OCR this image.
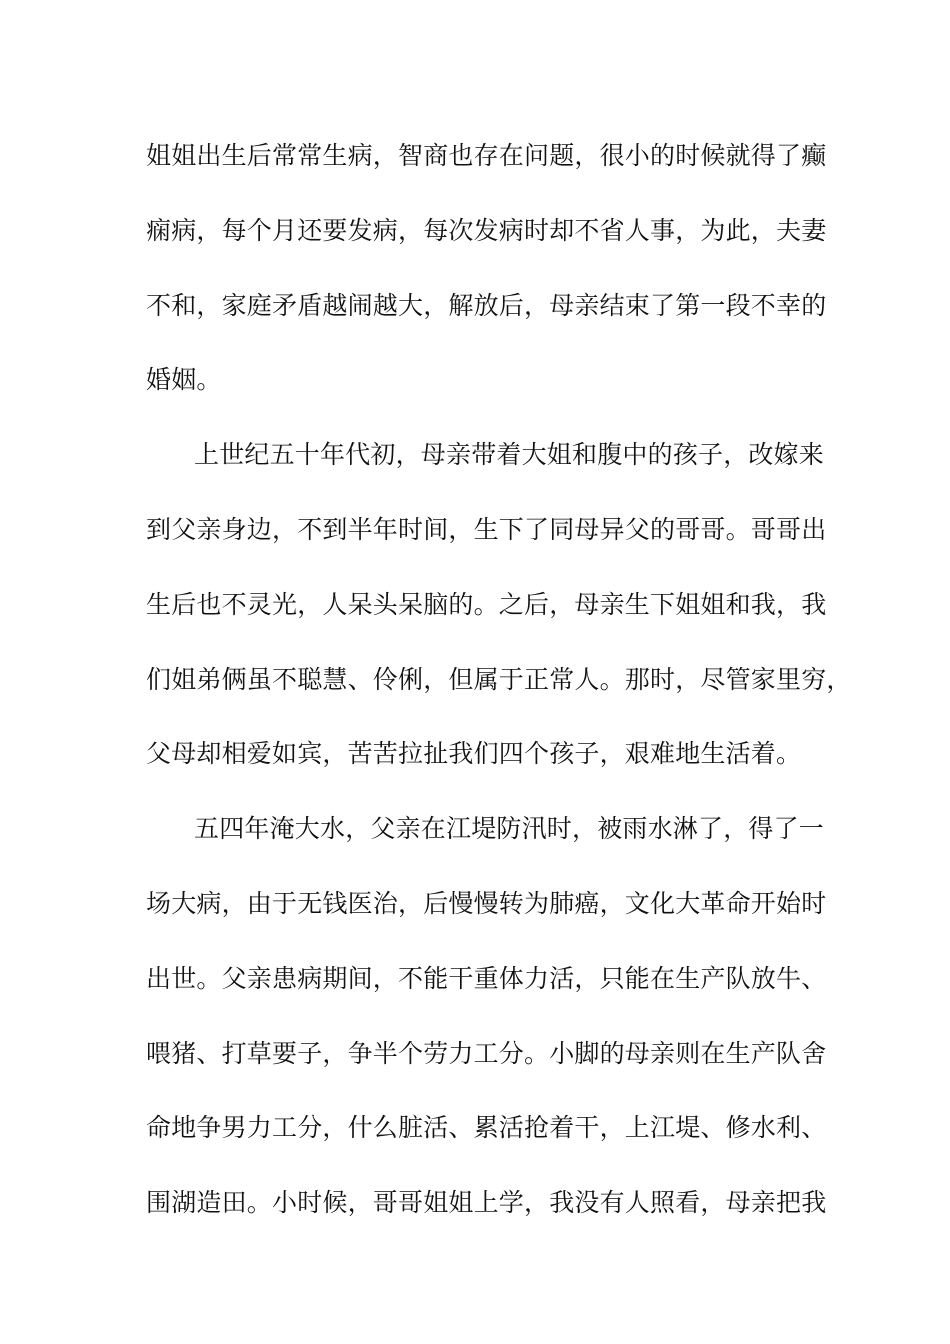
姐姐出生后常常生病，智商也存在问题，很小的时候就得了癫
痫病，每个月还要发病，每次发病时却不省人事，为此，夫妻
不和，家庭矛盾越闹越大，解放后，母亲结束了第一段不幸的
婚姻。
上世纪五十年代初，母亲带着大姐和腹中的孩子，改嫁来
到父亲身边，不到半年时间，生下了同母异父的哥哥。哥哥出
生后也不灵光，人呆头呆脑的。之后，母亲生下姐姐和我，我
们姐弟俩虽不聪慧、伶俐，但属于正常人。那时，尽管家里穷，
父母却相爱如宾，苦苦拉扯我们四个孩子，艰难地生活着。
五四年淹大水，父亲在江堤防汛时，被雨水淋了，得了一
场大病，由于无钱医治，后慢慢转为肺癌，文化大革命开始时
出世。父亲患病期间，不能干重体力活，只能在生产队放牛、
喂猪、打草要子，争半个劳力工分。小脚的母亲则在生产队舍
命地争男力工分，什么脏活、累活抢着干，上江堤、修水利、
围湖造田。小时候，哥哥姐姐上学，我没有人照看，母亲把我
